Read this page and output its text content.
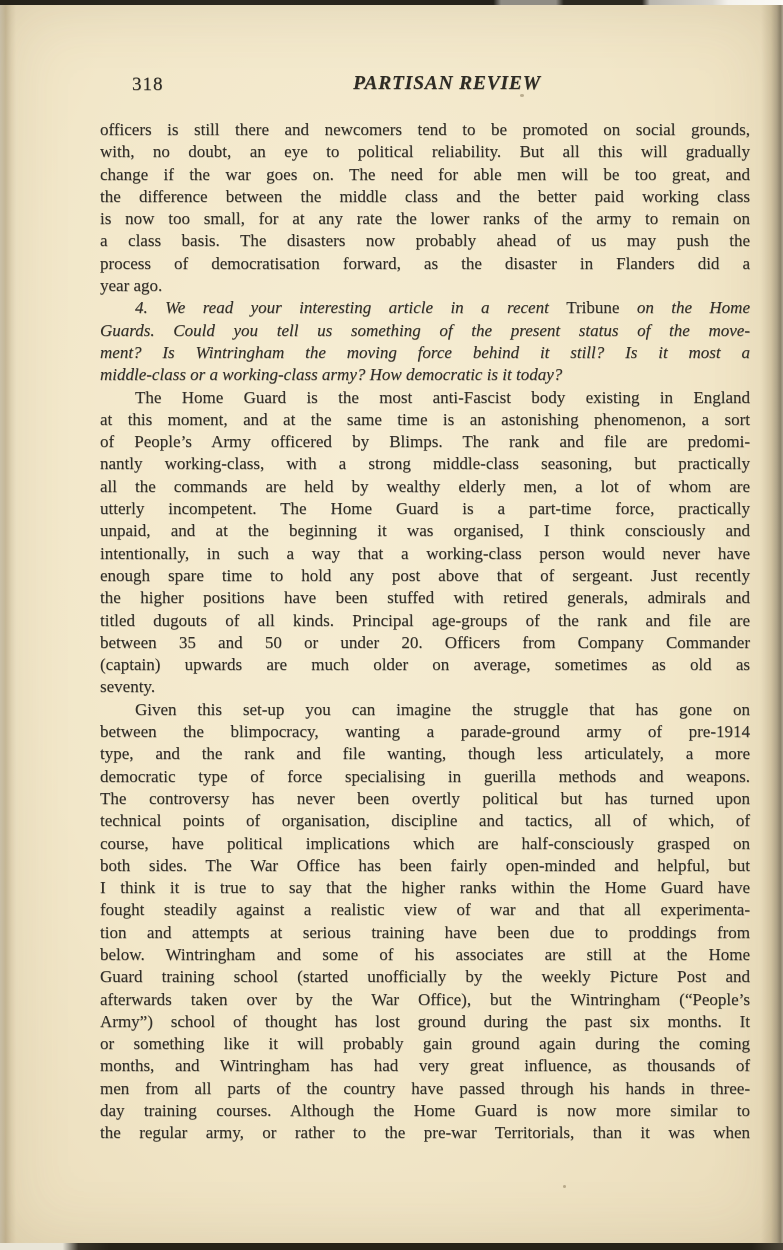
318	PARTISAN REVIEW
officers is still there and newcomers tend to be promoted on social grounds,
with, no doubt, an eye to political reliability. But all this will gradually
change if the war goes on. The need for able men will be too great, and
the difference between the middle class and the better paid working class
is now too small, for at any rate the lower ranks of the army to remain on
a class basis. The disasters now probably ahead of us may push the
process of democratisation forward, as the disaster in Flanders did a
year ago.
4. We read your interesting article in a recent Tribune on the Home
Guards. Could you tell us something of the present status of the move-
ment? Is Wintringham the moving force behind it still? Is it most a
middle-class or a working-class army? How democratic is it today?
The Home Guard is the most anti-Fascist body existing in England
at this moment, and at the same time is an astonishing phenomenon, a sort
of People’s Army officered by Blimps. The rank and file are predomi-
nantly working-class, with a strong middle-class seasoning, but practically
all the commands are held by wealthy elderly men, a lot of whom are
utterly incompetent. The Home Guard is a part-time force, practically
unpaid, and at the beginning it was organised, I think consciously and
intentionally, in such a way that a working-class person would never have
enough spare time to hold any post above that of sergeant. Just recently
the higher positions have been stuffed with retired generals, admirals and
titled dugouts of all kinds. Principal age-groups of the rank and file are
between 35 and 50 or under 20. Officers from Company Commander
(captain) upwards are much older on average, sometimes as old as
seventy.
Given this set-up you can imagine the struggle that has gone on
between the blimpocracy, wanting a parade-ground army of pre-1914
type, and the rank and file wanting, though less articulately, a more
democratic type of force specialising in guerilla methods and weapons.
The controversy has never been overtly political but has turned upon
technical points of organisation, discipline and tactics, all of which, of
course, have political implications which are half-consciously grasped on
both sides. The War Office has been fairly open-minded and helpful, but
I think it is true to say that the higher ranks within the Home Guard have
fought steadily against a realistic view of war and that all experimenta-
tion and attempts at serious training have been due to proddings from
below. Wintringham and some of his associates are still at the Home
Guard training school (started unofficially by the weekly Picture Post and
afterwards taken over by the War Office), but the Wintringham (“People’s
Army”) school of thought has lost ground during the past six months. It
or something like it will probably gain ground again during the coming
months, and Wintringham has had very great influence, as thousands of
men from all parts of the country have passed through his hands in three-
day training courses. Although the Home Guard is now more similar to
the regular army, or rather to the pre-war Territorials, than it was when
